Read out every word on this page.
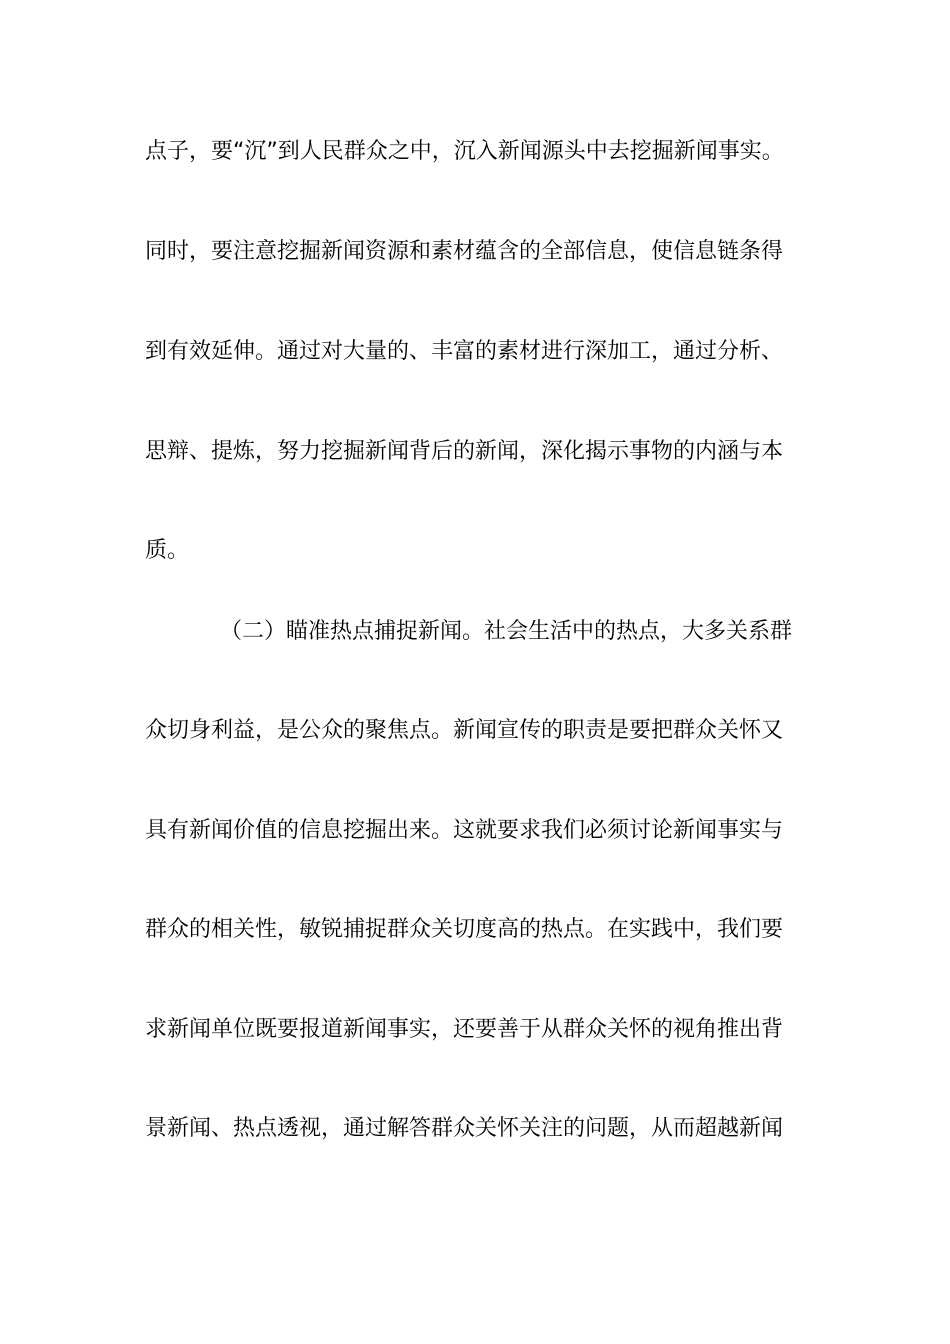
点子，要“沉”到人民群众之中，沉入新闻源头中去挖掘新闻事实。
同时，要注意挖掘新闻资源和素材蕴含的全部信息，使信息链条得
到有效延伸。通过对大量的、丰富的素材进行深加工，通过分析、
思辩、提炼，努力挖掘新闻背后的新闻，深化揭示事物的内涵与本
质。
（二）瞄准热点捕捉新闻。社会生活中的热点，大多关系群
众切身利益，是公众的聚焦点。新闻宣传的职责是要把群众关怀又
具有新闻价值的信息挖掘出来。这就要求我们必须讨论新闻事实与
群众的相关性，敏锐捕捉群众关切度高的热点。在实践中，我们要
求新闻单位既要报道新闻事实，还要善于从群众关怀的视角推出背
景新闻、热点透视，通过解答群众关怀关注的问题，从而超越新闻
